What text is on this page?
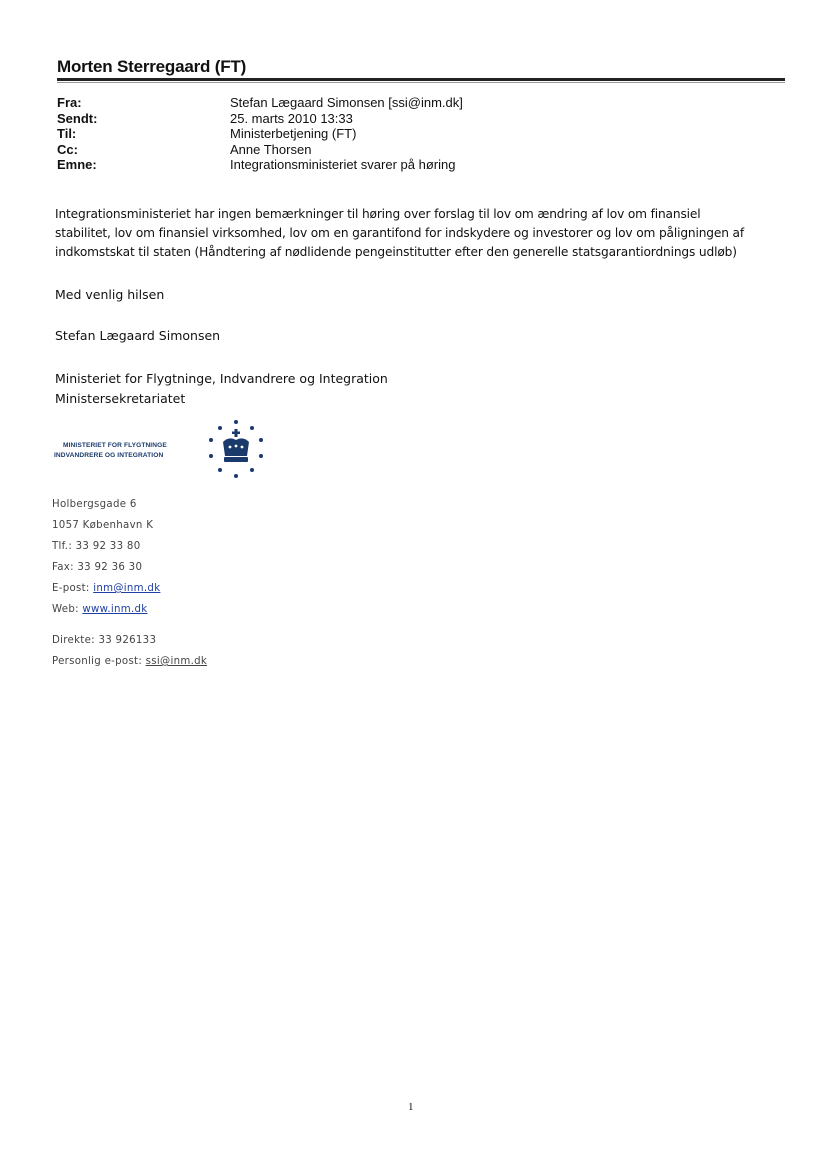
Morten Sterregaard (FT)
Fra:	Stefan Lægaard Simonsen [ssi@inm.dk]
Sendt:	25. marts 2010 13:33
Til:	Ministerbetjening (FT)
Cc:	Anne Thorsen
Emne:	Integrationsministeriet svarer på høring
Integrationsministeriet har ingen bemærkninger til høring over forslag til lov om ændring af lov om finansiel
stabilitet, lov om finansiel virksomhed, lov om en garantifond for indskydere og investorer og lov om påligningen af
indkomstskat til staten (Håndtering af nødlidende pengeinstitutter efter den generelle statsgarantiordnings udløb)
Med venlig hilsen
Stefan Lægaard Simonsen
Ministeriet for Flygtninge, Indvandrere og Integration
Ministersekretariatet
MINISTERIET FOR FLYGTNINGE
INDVANDRERE OG INTEGRATION
Holbergsgade 6
1057 København K
Tlf.: 33 92 33 80
Fax: 33 92 36 30
E-post: inm@inm.dk
Web: www.inm.dk
Direkte: 33 926133
Personlig e-post: ssi@inm.dk
1
